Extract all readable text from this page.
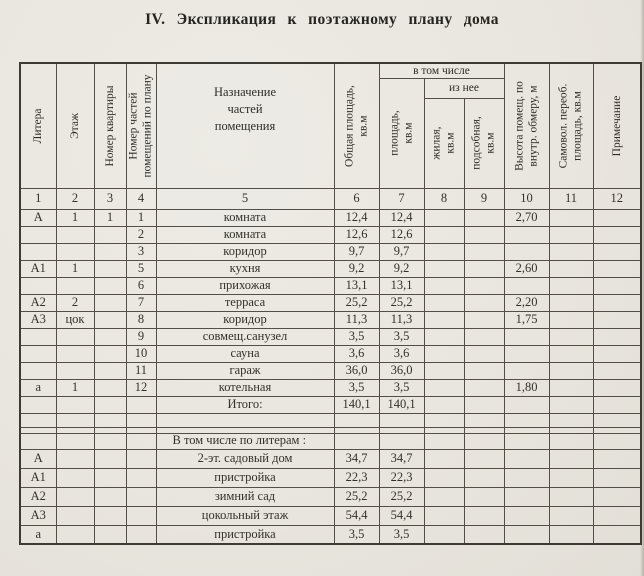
IV. Экспликация к поэтажному плану дома
Литера	Этаж	Номер квартиры	Номер частей помещений по плану	Назначение частей помещения	Общая площадь, кв.м	в том числе			Высота помещ. по внутр. обмеру, м	Самовол. переоб. площадь, кв.м	Примечание

						площадь, кв.м	из нее				

							жилая, кв.м	подсобная, кв.м			

1	2	3	4	5	6	7	8	9	10	11	12
А	1	1	1	комната	12,4	12,4			2,70		
			2	комната	12,6	12,6					
			3	коридор	9,7	9,7					
А1	1		5	кухня	9,2	9,2			2,60		
			6	прихожая	13,1	13,1					
А2	2		7	терраса	25,2	25,2			2,20		
А3	цок		8	коридор	11,3	11,3			1,75		
			9	совмещ.санузел	3,5	3,5					
			10	сауна	3,6	3,6					
			11	гараж	36,0	36,0					
а	1		12	котельная	3,5	3,5			1,80		
				Итого:	140,1	140,1					

				В том числе по литерам :							
А				2-эт. садовый дом	34,7	34,7					
А1				пристройка	22,3	22,3					
А2				зимний сад	25,2	25,2					
А3				цокольный этаж	54,4	54,4					
а				пристройка	3,5	3,5					
